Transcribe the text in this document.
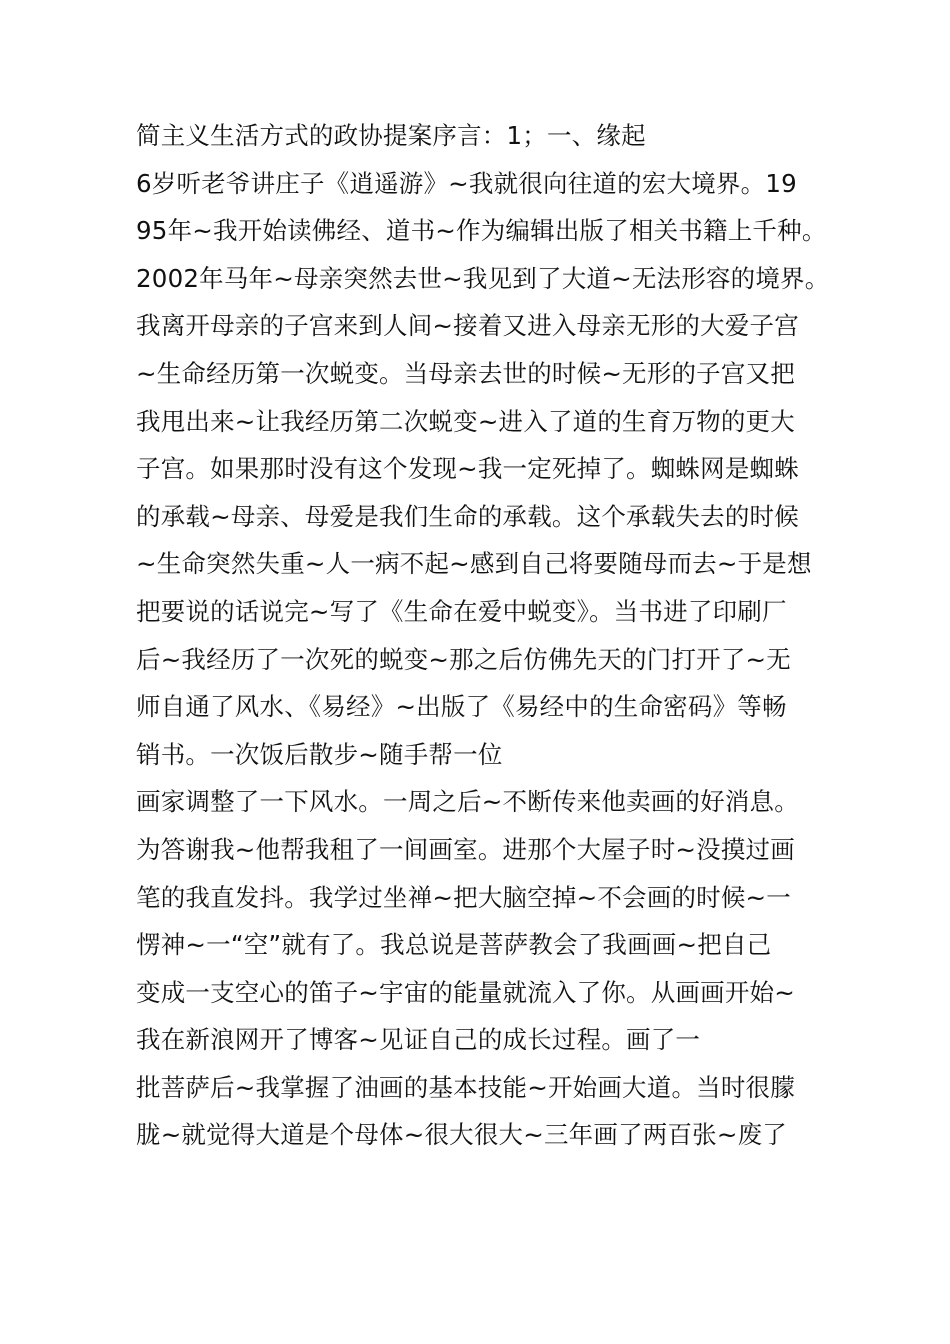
简主义生活方式的政协提案序言：1；一、缘起
6岁听老爷讲庄子《逍遥游》~我就很向往道的宏大境界。19
95年~我开始读佛经、道书~作为编辑出版了相关书籍上千种。
2002年马年~母亲突然去世~我见到了大道~无法形容的境界。
我离开母亲的子宫来到人间~接着又进入母亲无形的大爱子宫
~生命经历第一次蜕变。当母亲去世的时候~无形的子宫又把
我甩出来~让我经历第二次蜕变~进入了道的生育万物的更大
子宫。如果那时没有这个发现~我一定死掉了。蜘蛛网是蜘蛛
的承载~母亲、母爱是我们生命的承载。这个承载失去的时候
~生命突然失重~人一病不起~感到自己将要随母而去~于是想
把要说的话说完~写了《生命在爱中蜕变》。当书进了印刷厂
后~我经历了一次死的蜕变~那之后仿佛先天的门打开了~无
师自通了风水、《易经》~出版了《易经中的生命密码》等畅
销书。一次饭后散步~随手帮一位
画家调整了一下风水。一周之后~不断传来他卖画的好消息。
为答谢我~他帮我租了一间画室。进那个大屋子时~没摸过画
笔的我直发抖。我学过坐禅~把大脑空掉~不会画的时候~一
愣神~一“空”就有了。我总说是菩萨教会了我画画~把自己
变成一支空心的笛子~宇宙的能量就流入了你。从画画开始~
我在新浪网开了博客~见证自己的成长过程。画了一
批菩萨后~我掌握了油画的基本技能~开始画大道。当时很朦
胧~就觉得大道是个母体~很大很大~三年画了两百张~废了
